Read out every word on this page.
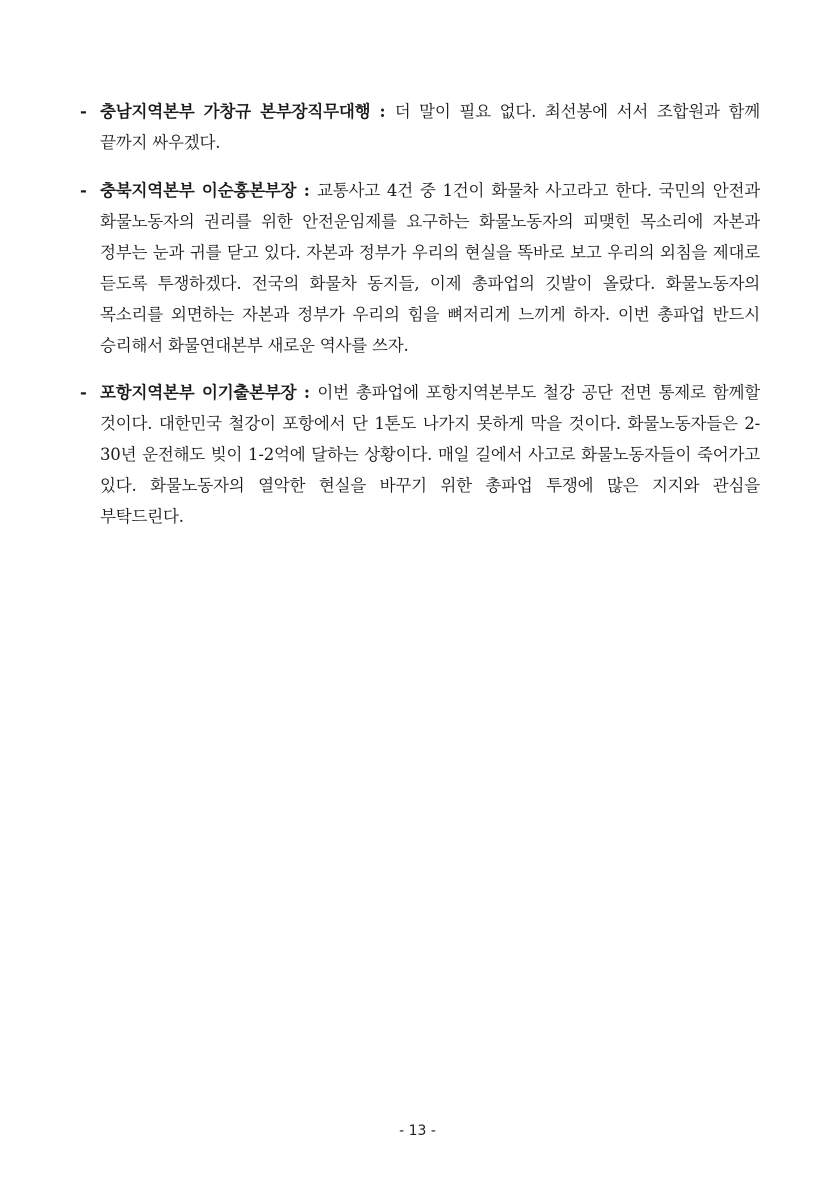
- 충남지역본부 가창규 본부장직무대행 : 더 말이 필요 없다. 최선봉에 서서 조합원과 함께 끝까지 싸우겠다.

- 충북지역본부 이순홍본부장 : 교통사고 4건 중 1건이 화물차 사고라고 한다. 국민의 안전과 화물노동자의 권리를 위한 안전운임제를 요구하는 화물노동자의 피맺힌 목소리에 자본과 정부는 눈과 귀를 닫고 있다. 자본과 정부가 우리의 현실을 똑바로 보고 우리의 외침을 제대로 듣도록 투쟁하겠다. 전국의 화물차 동지들, 이제 총파업의 깃발이 올랐다. 화물노동자의 목소리를 외면하는 자본과 정부가 우리의 힘을 뼈저리게 느끼게 하자. 이번 총파업 반드시 승리해서 화물연대본부 새로운 역사를 쓰자.

- 포항지역본부 이기출본부장 : 이번 총파업에 포항지역본부도 철강 공단 전면 통제로 함께할 것이다. 대한민국 철강이 포항에서 단 1톤도 나가지 못하게 막을 것이다. 화물노동자들은 2-30년 운전해도 빚이 1-2억에 달하는 상황이다. 매일 길에서 사고로 화물노동자들이 죽어가고 있다. 화물노동자의 열악한 현실을 바꾸기 위한 총파업 투쟁에 많은 지지와 관심을 부탁드린다.

- 13 -
